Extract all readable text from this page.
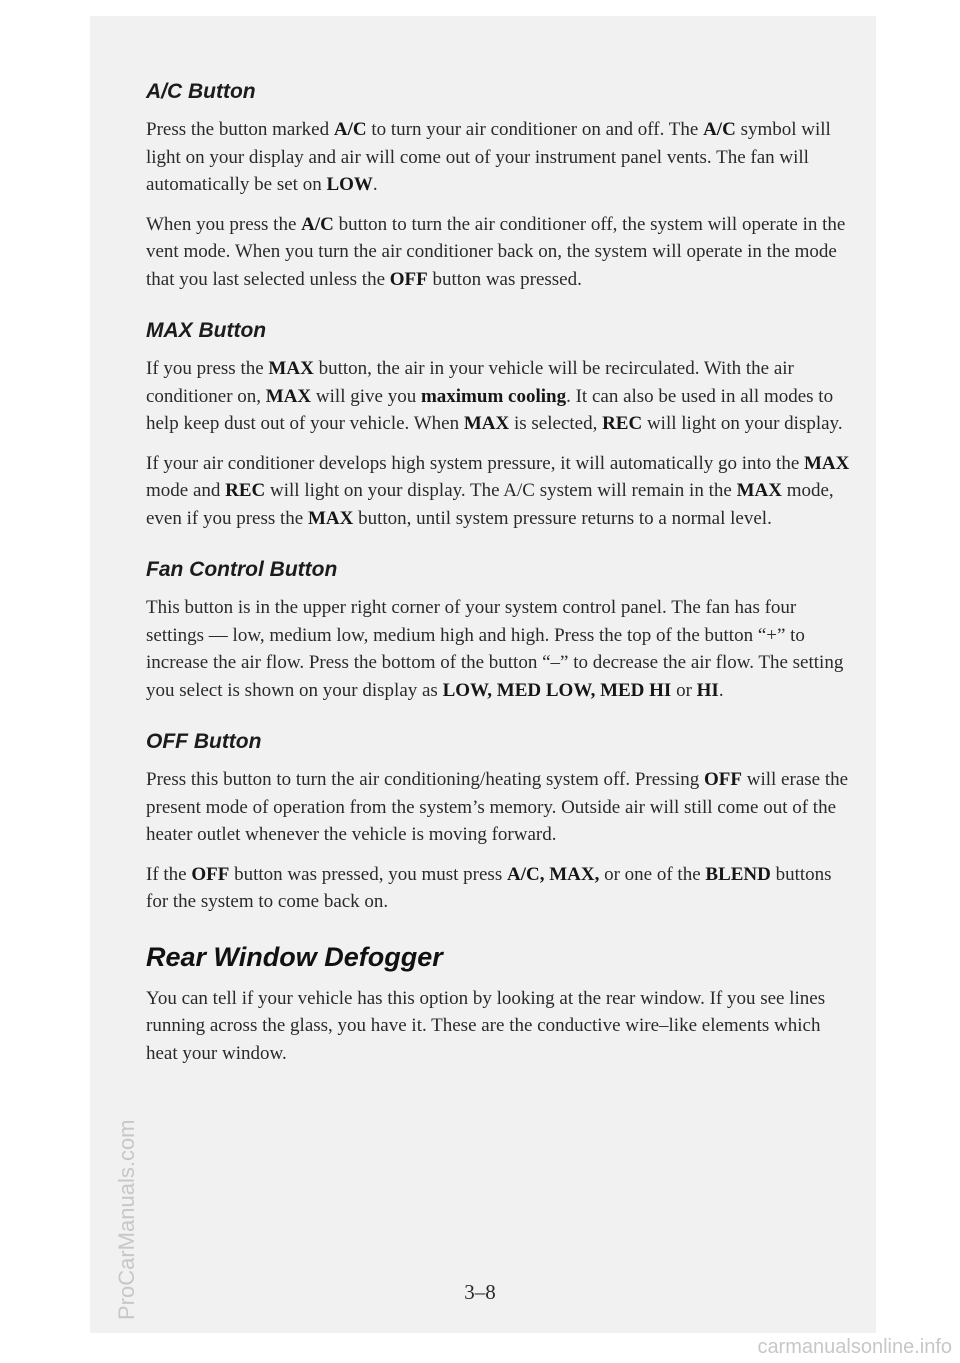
A/C Button

Press the button marked A/C to turn your air conditioner on and off. The A/C symbol will light on your display and air will come out of your instrument panel vents. The fan will automatically be set on LOW.

When you press the A/C button to turn the air conditioner off, the system will operate in the vent mode. When you turn the air conditioner back on, the system will operate in the mode that you last selected unless the OFF button was pressed.

MAX Button

If you press the MAX button, the air in your vehicle will be recirculated. With the air conditioner on, MAX will give you maximum cooling. It can also be used in all modes to help keep dust out of your vehicle. When MAX is selected, REC will light on your display.

If your air conditioner develops high system pressure, it will automatically go into the MAX mode and REC will light on your display. The A/C system will remain in the MAX mode, even if you press the MAX button, until system pressure returns to a normal level.

Fan Control Button

This button is in the upper right corner of your system control panel. The fan has four settings — low, medium low, medium high and high. Press the top of the button “+” to increase the air flow. Press the bottom of the button “–” to decrease the air flow. The setting you select is shown on your display as LOW, MED LOW, MED HI or HI.

OFF Button

Press this button to turn the air conditioning/heating system off. Pressing OFF will erase the present mode of operation from the system’s memory. Outside air will still come out of the heater outlet whenever the vehicle is moving forward.

If the OFF button was pressed, you must press A/C, MAX, or one of the BLEND buttons for the system to come back on.

Rear Window Defogger

You can tell if your vehicle has this option by looking at the rear window. If you see lines running across the glass, you have it. These are the conductive wire–like elements which heat your window.

3–8
ProCarManuals.com
carmanualsonline.info
